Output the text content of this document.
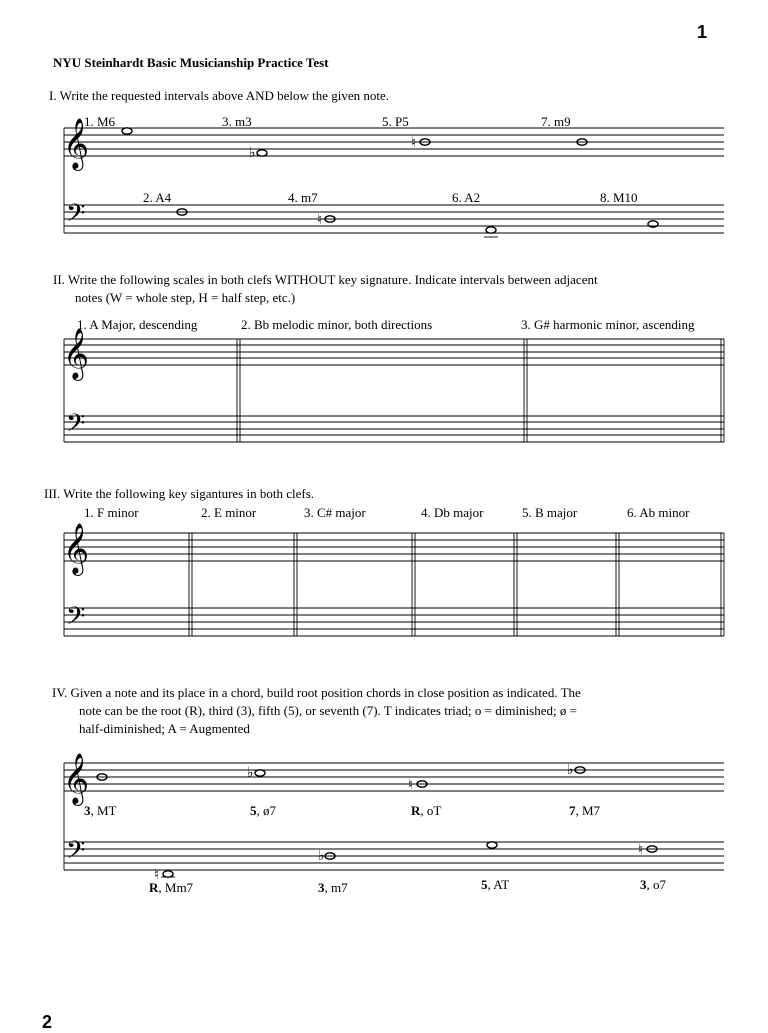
1
NYU Steinhardt Basic Musicianship Practice Test
I. Write the requested intervals above AND below the given note.
1. M6	3. m3	5. P5	7. m9
2. A4	4. m7	6. A2	8. M10
II. Write the following scales in both clefs WITHOUT key signature. Indicate intervals between adjacent
notes (W = whole step, H = half step, etc.)
1. A Major, descending	2. Bb melodic minor, both directions	3. G# harmonic minor, ascending
III. Write the following key sigantures in both clefs.
1. F minor	2. E minor	3. C# major	4. Db major	5. B major	6. Ab minor
IV. Given a note and its place in a chord, build root position chords in close position as indicated. The
note can be the root (R), third (3), fifth (5), or seventh (7). T indicates triad; o = diminished; ø =
half-diminished; A = Augmented
3, MT	5, ø7	R, oT	7, M7
R, Mm7	3, m7	5, AT	3, o7
2
𝄞
𝄢
𝄞
𝄢
𝄞
𝄢
𝄞
𝄢
♭
♮
♮
♭
♮
♭
♮
♭	♮
